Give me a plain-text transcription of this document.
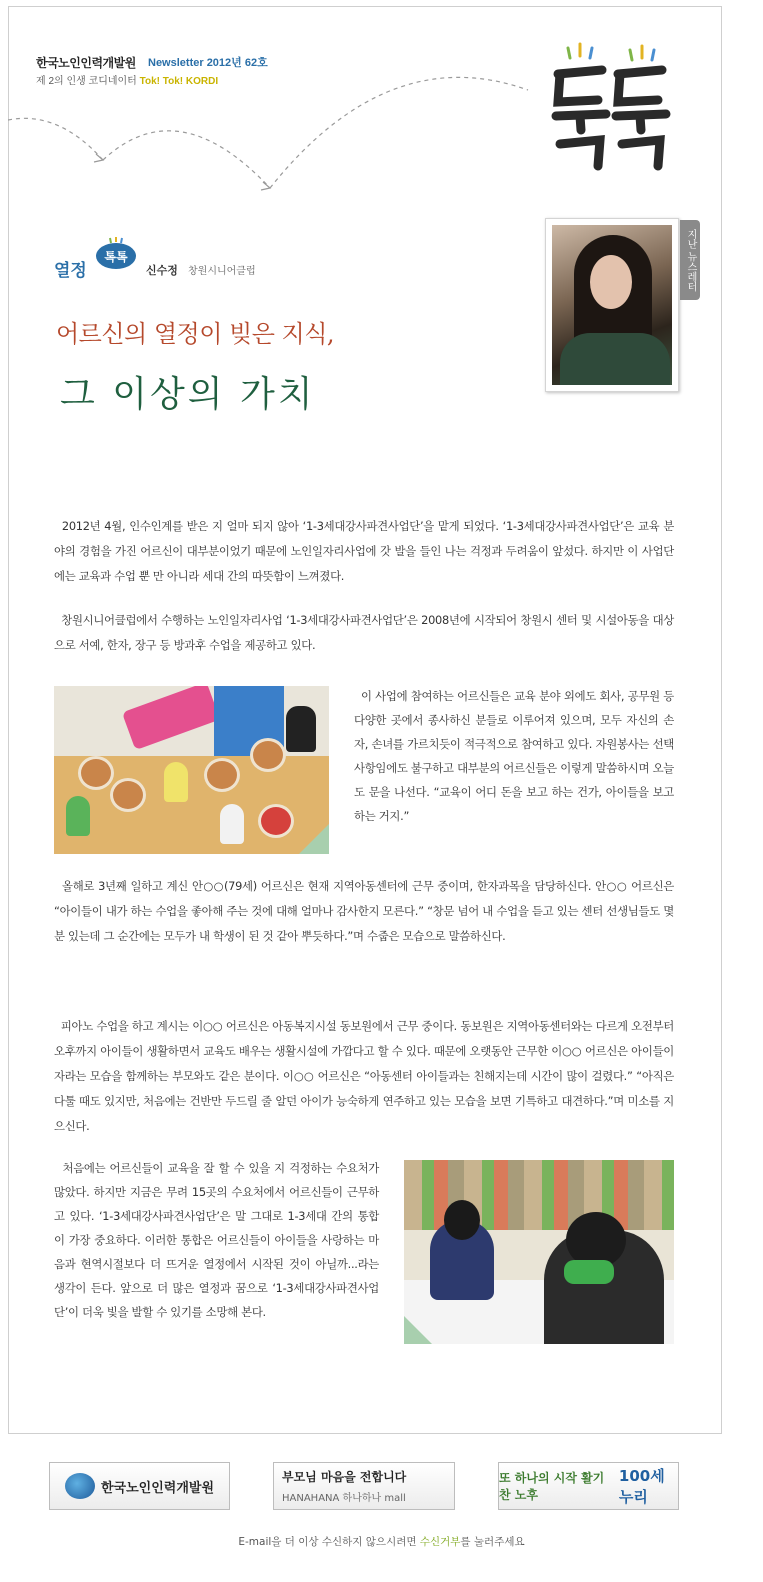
한국노인인력개발원 Newsletter 2012년 62호
제 2의 인생 코디네이터 Tok! Tok! KORDI
지난 뉴스레터
열정
톡톡
신수정 창원시니어클럽
어르신의 열정이 빚은 지식,
그 이상의 가치

2012년 4월, 인수인계를 받은 지 얼마 되지 않아 ‘1-3세대강사파견사업단’을 맡게 되었다. ‘1-3세대강사파견사업단’은 교육 분야의 경험을 가진 어르신이 대부분이었기 때문에 노인일자리사업에 갓 발을 들인 나는 걱정과 두려움이 앞섰다. 하지만 이 사업단에는 교육과 수업 뿐 만 아니라 세대 간의 따뜻함이 느껴졌다.

창원시니어클럽에서 수행하는 노인일자리사업 ‘1-3세대강사파견사업단’은 2008년에 시작되어 창원시 센터 및 시설아동을 대상으로 서예, 한자, 장구 등 방과후 수업을 제공하고 있다.

이 사업에 참여하는 어르신들은 교육 분야 외에도 회사, 공무원 등 다양한 곳에서 종사하신 분들로 이루어져 있으며, 모두 자신의 손자, 손녀를 가르치듯이 적극적으로 참여하고 있다. 자원봉사는 선택사항임에도 불구하고 대부분의 어르신들은 이렇게 말씀하시며 오늘도 문을 나선다. “교육이 어디 돈을 보고 하는 건가, 아이들을 보고 하는 거지.”

올해로 3년째 일하고 계신 안○○(79세) 어르신은 현재 지역아동센터에 근무 중이며, 한자과목을 담당하신다. 안○○ 어르신은 “아이들이 내가 하는 수업을 좋아해 주는 것에 대해 얼마나 감사한지 모른다.” “창문 넘어 내 수업을 듣고 있는 센터 선생님들도 몇 분 있는데 그 순간에는 모두가 내 학생이 된 것 같아 뿌듯하다.”며 수줍은 모습으로 말씀하신다.

피아노 수업을 하고 계시는 이○○ 어르신은 아동복지시설 동보원에서 근무 중이다. 동보원은 지역아동센터와는 다르게 오전부터 오후까지 아이들이 생활하면서 교육도 배우는 생활시설에 가깝다고 할 수 있다. 때문에 오랫동안 근무한 이○○ 어르신은 아이들이 자라는 모습을 함께하는 부모와도 같은 분이다. 이○○ 어르신은 “아동센터 아이들과는 친해지는데 시간이 많이 걸렸다.” “아직은 다툴 때도 있지만, 처음에는 건반만 두드릴 줄 알던 아이가 능숙하게 연주하고 있는 모습을 보면 기특하고 대견하다.”며 미소를 지으신다.

처음에는 어르신들이 교육을 잘 할 수 있을 지 걱정하는 수요처가 많았다. 하지만 지금은 무려 15곳의 수요처에서 어르신들이 근무하고 있다. ‘1-3세대강사파견사업단’은 말 그대로 1-3세대 간의 통합이 가장 중요하다. 이러한 통합은 어르신들이 아이들을 사랑하는 마음과 현역시절보다 더 뜨거운 열정에서 시작된 것이 아닐까...라는 생각이 든다. 앞으로 더 많은 열정과 꿈으로 ‘1-3세대강사파견사업단’이 더욱 빛을 발할 수 있기를 소망해 본다.

한국노인인력개발원
부모님 마음을 전합니다
HANAHANA 하나하나 mall
또 하나의 시작 활기찬 노후
100세누리
E-mail을 더 이상 수신하지 않으시려면 수신거부를 눌러주세요
